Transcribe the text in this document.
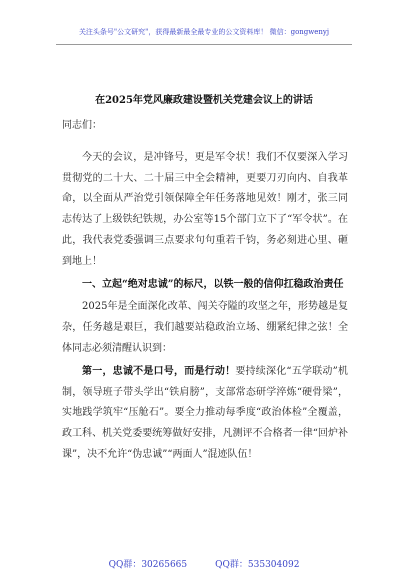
关注头条号"公文研究"，获得最新最全最专业的公文资料库！ 微信：gongwenyj
在2025年党风廉政建设暨机关党建会议上的讲话

同志们：

今天的会议，是冲锋号，更是军令状！我们不仅要深入学习贯彻党的二十大、二十届三中全会精神，更要刀刃向内、自我革命，以全面从严治党引领保障全年任务落地见效！刚才，张三同志传达了上级铁纪铁规，办公室等15个部门立下了“军令状”。在此，我代表党委强调三点要求句句重若千钧，务必刻进心里、砸到地上！

一、立起“绝对忠诚”的标尺，以铁一般的信仰扛稳政治责任

2025年是全面深化改革、闯关夺隘的攻坚之年，形势越是复杂，任务越是艰巨，我们越要站稳政治立场、绷紧纪律之弦！全体同志必须清醒认识到：

第一，忠诚不是口号，而是行动！要持续深化“五学联动”机制，领导班子带头学出“铁肩膀”，支部常态研学淬炼“硬骨梁”，实地践学筑牢“压舱石”。要全力推动每季度“政治体检”全覆盖，政工科、机关党委要统筹做好安排，凡测评不合格者一律“回炉补课”，决不允许“伪忠诚”“两面人”混迹队伍！

QQ群：30265665	QQ群：535304092
